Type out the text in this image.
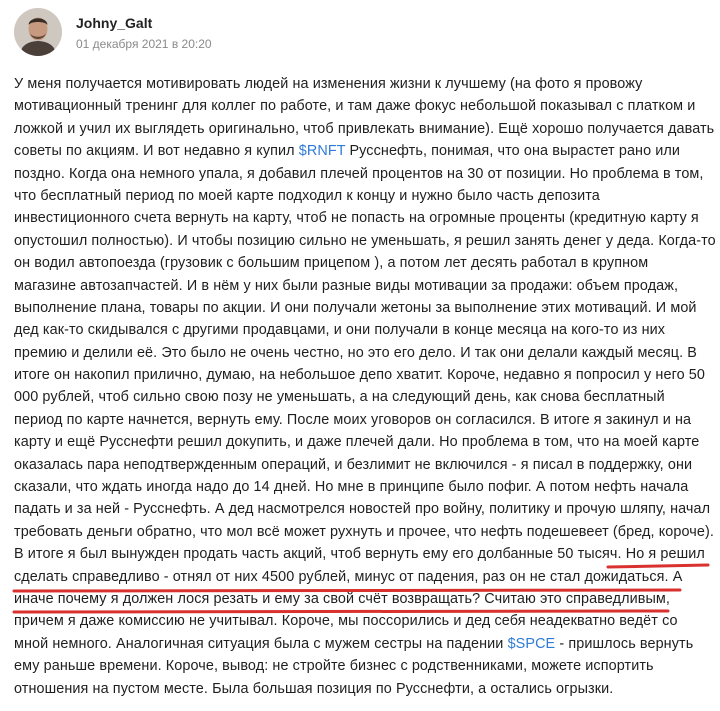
Johny_Galt
01 декабря 2021 в 20:20
У меня получается мотивировать людей на изменения жизни к лучшему (на фото я провожу
мотивационный тренинг для коллег по работе, и там даже фокус небольшой показывал с платком и
ложкой и учил их выглядеть оригинально, чтоб привлекать внимание). Ещё хорошо получается давать
советы по акциям. И вот недавно я купил $RNFT Русснефть, понимая, что она вырастет рано или
поздно. Когда она немного упала, я добавил плечей процентов на 30 от позиции. Но проблема в том,
что бесплатный период по моей карте подходил к концу и нужно было часть депозита
инвестиционного счета вернуть на карту, чтоб не попасть на огромные проценты (кредитную карту я
опустошил полностью). И чтобы позицию сильно не уменьшать, я решил занять денег у деда. Когда-то
он водил автопоезда (грузовик с большим прицепом ), а потом лет десять работал в крупном
магазине автозапчастей. И в нём у них были разные виды мотивации за продажи: объем продаж,
выполнение плана, товары по акции. И они получали жетоны за выполнение этих мотиваций. И мой
дед как-то скидывался с другими продавцами, и они получали в конце месяца на кого-то из них
премию и делили её. Это было не очень честно, но это его дело. И так они делали каждый месяц. В
итоге он накопил прилично, думаю, на небольшое депо хватит. Короче, недавно я попросил у него 50
000 рублей, чтоб сильно свою позу не уменьшать, а на следующий день, как снова бесплатный
период по карте начнется, вернуть ему. После моих уговоров он согласился. В итоге я закинул и на
карту и ещё Русснефти решил докупить, и даже плечей дали. Но проблема в том, что на моей карте
оказалась пара неподтвержденным операций, и безлимит не включился - я писал в поддержку, они
сказали, что ждать иногда надо до 14 дней. Но мне в принципе было пофиг. А потом нефть начала
падать и за ней - Русснефть. А дед насмотрелся новостей про войну, политику и прочую шляпу, начал
требовать деньги обратно, что мол всё может рухнуть и прочее, что нефть подешевеет (бред, короче).
В итоге я был вынужден продать часть акций, чтоб вернуть ему его долбанные 50 тысяч. Но я решил
сделать справедливо - отнял от них 4500 рублей, минус от падения, раз он не стал дожидаться. А
иначе почему я должен лося резать и ему за свой счёт возвращать? Считаю это справедливым,
причем я даже комиссию не учитывал. Короче, мы поссорились и дед себя неадекватно ведёт со
мной немного. Аналогичная ситуация была с мужем сестры на падении $SPCE - пришлось вернуть
ему раньше времени. Короче, вывод: не стройте бизнес с родственниками, можете испортить
отношения на пустом месте. Была большая позиция по Русснефти, а остались огрызки.
